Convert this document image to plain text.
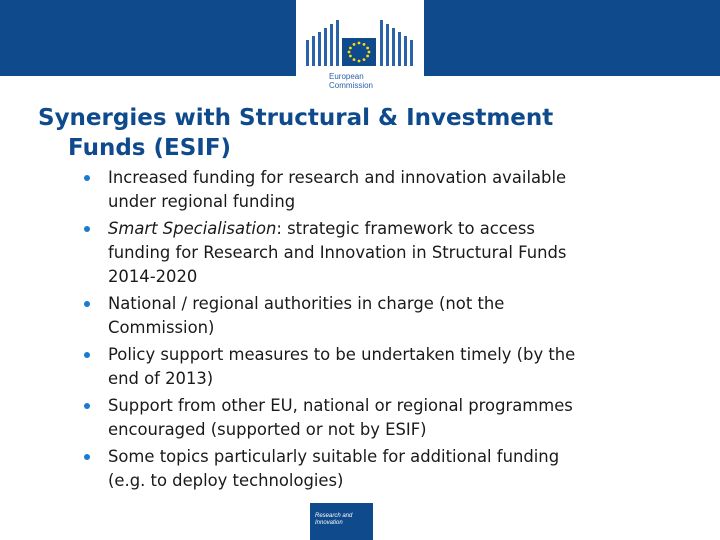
European
Commission
Synergies with Structural & Investment
Funds (ESIF)
Increased funding for research and innovation available
under regional funding
Smart Specialisation: strategic framework to access
funding for Research and Innovation in Structural Funds
2014-2020
National / regional authorities in charge (not the
Commission)
Policy support measures to be undertaken timely (by the
end of 2013)
Support from other EU, national or regional programmes
encouraged (supported or not by ESIF)
Some topics particularly suitable for additional funding
(e.g. to deploy technologies)
Research and
Innovation
